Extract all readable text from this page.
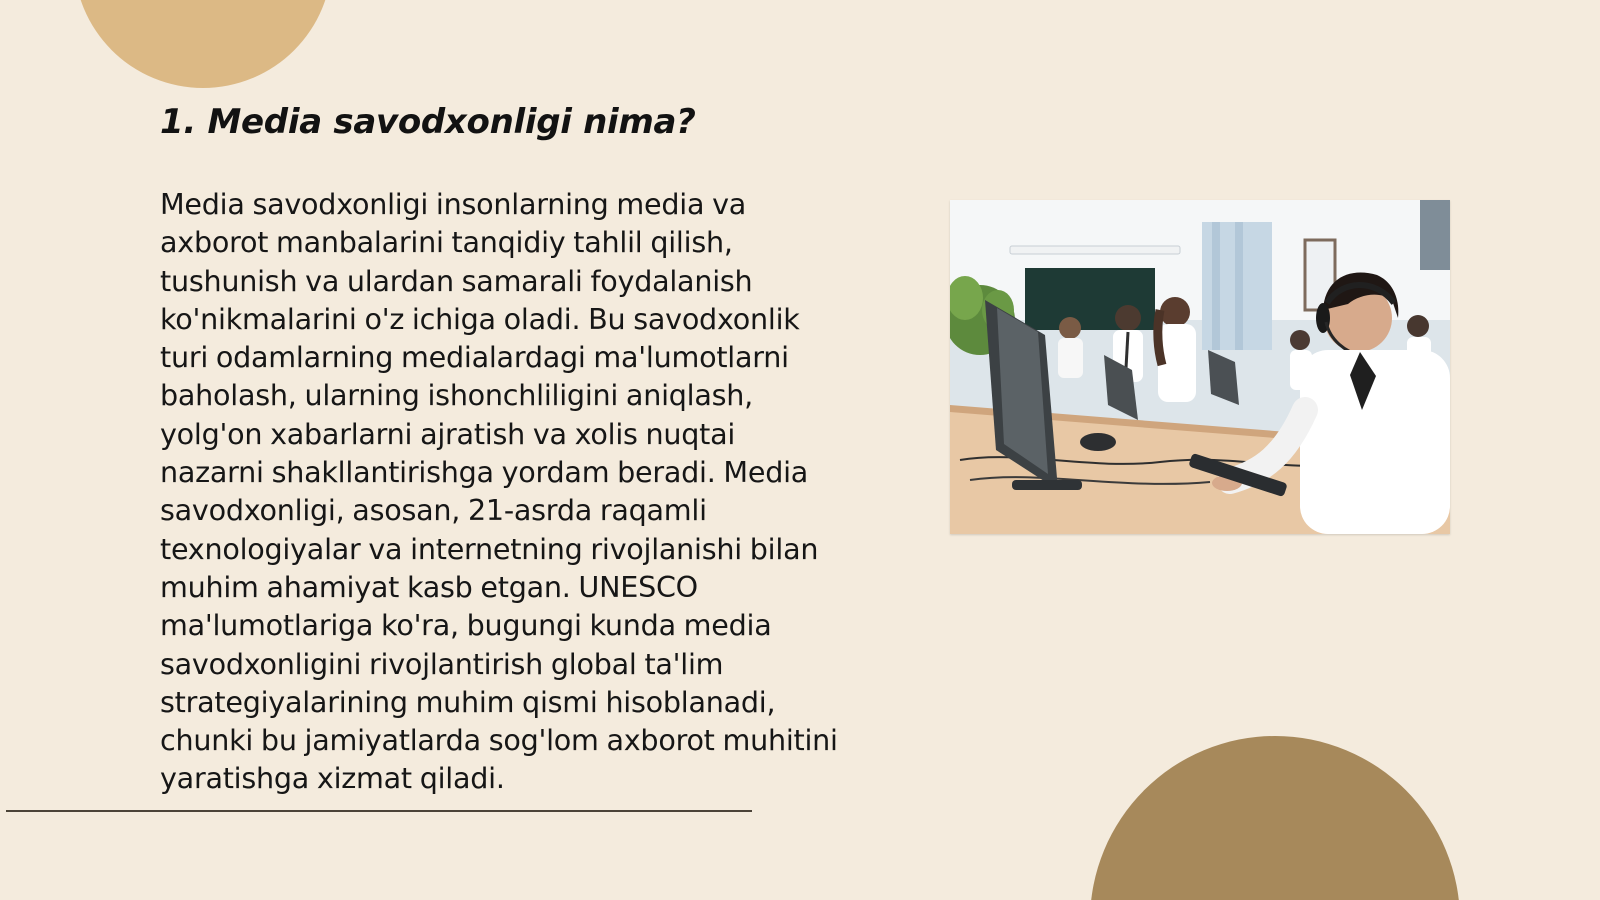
1. Media savodxonligi nima?

Media savodxonligi insonlarning media va axborot manbalarini tanqidiy tahlil qilish, tushunish va ulardan samarali foydalanish ko'nikmalarini o'z ichiga oladi. Bu savodxonlik turi odamlarning medialardagi ma'lumotlarni baholash, ularning ishonchliligini aniqlash, yolg'on xabarlarni ajratish va xolis nuqtai nazarni shakllantirishga yordam beradi. Media savodxonligi, asosan, 21-asrda raqamli texnologiyalar va internetning rivojlanishi bilan muhim ahamiyat kasb etgan. UNESCO ma'lumotlariga ko'ra, bugungi kunda media savodxonligini rivojlantirish global ta'lim strategiyalarining muhim qismi hisoblanadi, chunki bu jamiyatlarda sog'lom axborot muhitini yaratishga xizmat qiladi.
